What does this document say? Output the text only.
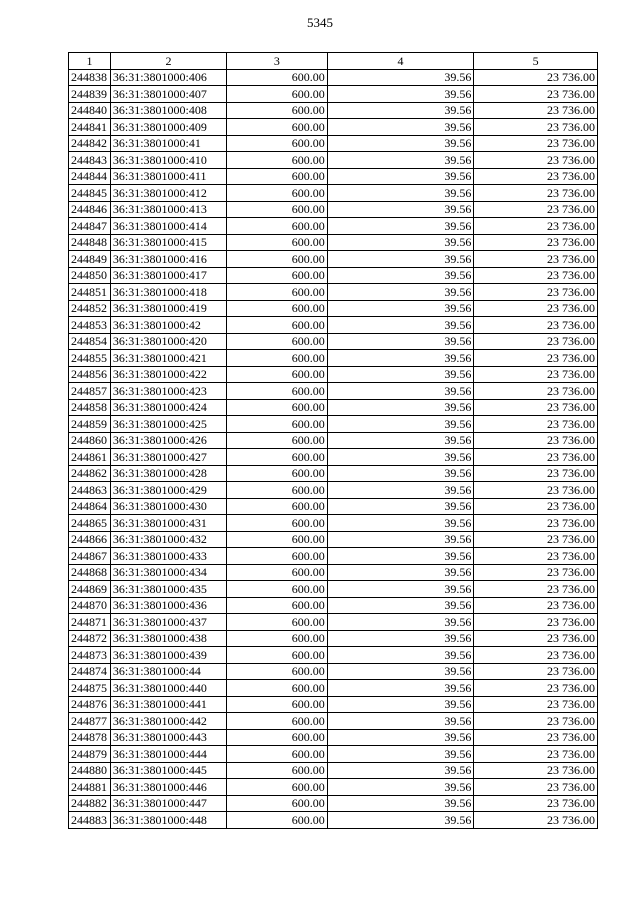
5345
1	2	3	4	5
244838	36:31:3801000:406	600.00	39.56	23 736.00
244839	36:31:3801000:407	600.00	39.56	23 736.00
244840	36:31:3801000:408	600.00	39.56	23 736.00
244841	36:31:3801000:409	600.00	39.56	23 736.00
244842	36:31:3801000:41	600.00	39.56	23 736.00
244843	36:31:3801000:410	600.00	39.56	23 736.00
244844	36:31:3801000:411	600.00	39.56	23 736.00
244845	36:31:3801000:412	600.00	39.56	23 736.00
244846	36:31:3801000:413	600.00	39.56	23 736.00
244847	36:31:3801000:414	600.00	39.56	23 736.00
244848	36:31:3801000:415	600.00	39.56	23 736.00
244849	36:31:3801000:416	600.00	39.56	23 736.00
244850	36:31:3801000:417	600.00	39.56	23 736.00
244851	36:31:3801000:418	600.00	39.56	23 736.00
244852	36:31:3801000:419	600.00	39.56	23 736.00
244853	36:31:3801000:42	600.00	39.56	23 736.00
244854	36:31:3801000:420	600.00	39.56	23 736.00
244855	36:31:3801000:421	600.00	39.56	23 736.00
244856	36:31:3801000:422	600.00	39.56	23 736.00
244857	36:31:3801000:423	600.00	39.56	23 736.00
244858	36:31:3801000:424	600.00	39.56	23 736.00
244859	36:31:3801000:425	600.00	39.56	23 736.00
244860	36:31:3801000:426	600.00	39.56	23 736.00
244861	36:31:3801000:427	600.00	39.56	23 736.00
244862	36:31:3801000:428	600.00	39.56	23 736.00
244863	36:31:3801000:429	600.00	39.56	23 736.00
244864	36:31:3801000:430	600.00	39.56	23 736.00
244865	36:31:3801000:431	600.00	39.56	23 736.00
244866	36:31:3801000:432	600.00	39.56	23 736.00
244867	36:31:3801000:433	600.00	39.56	23 736.00
244868	36:31:3801000:434	600.00	39.56	23 736.00
244869	36:31:3801000:435	600.00	39.56	23 736.00
244870	36:31:3801000:436	600.00	39.56	23 736.00
244871	36:31:3801000:437	600.00	39.56	23 736.00
244872	36:31:3801000:438	600.00	39.56	23 736.00
244873	36:31:3801000:439	600.00	39.56	23 736.00
244874	36:31:3801000:44	600.00	39.56	23 736.00
244875	36:31:3801000:440	600.00	39.56	23 736.00
244876	36:31:3801000:441	600.00	39.56	23 736.00
244877	36:31:3801000:442	600.00	39.56	23 736.00
244878	36:31:3801000:443	600.00	39.56	23 736.00
244879	36:31:3801000:444	600.00	39.56	23 736.00
244880	36:31:3801000:445	600.00	39.56	23 736.00
244881	36:31:3801000:446	600.00	39.56	23 736.00
244882	36:31:3801000:447	600.00	39.56	23 736.00
244883	36:31:3801000:448	600.00	39.56	23 736.00
